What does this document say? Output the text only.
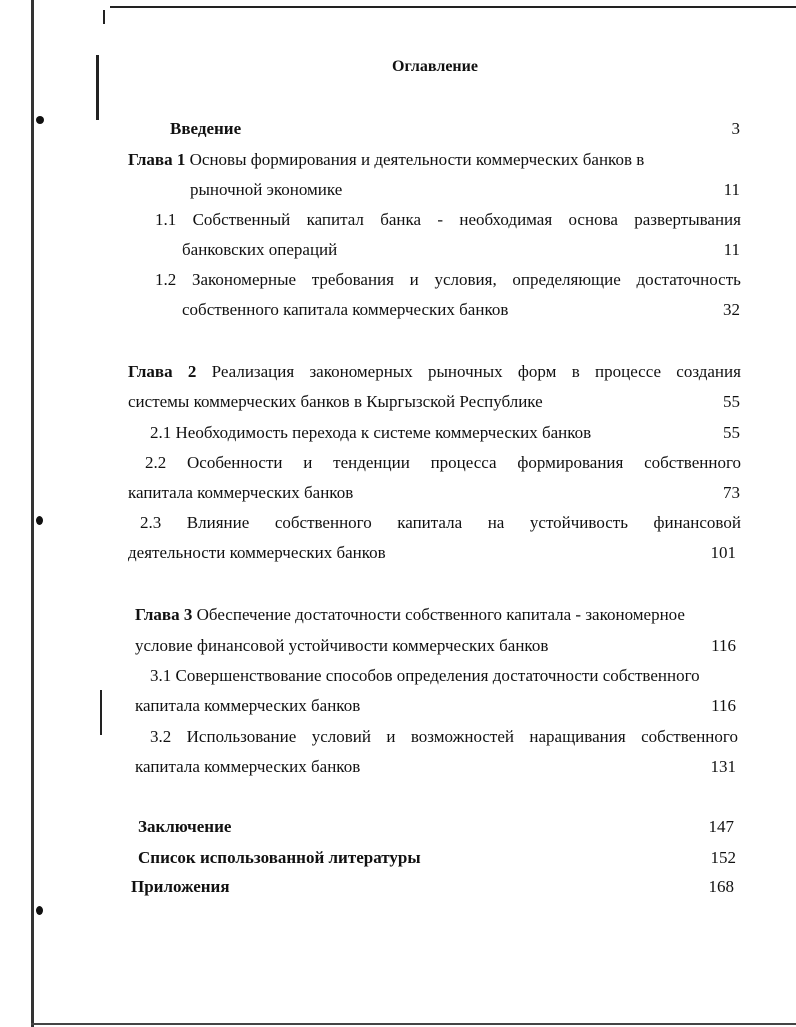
Оглавление
Введение	3
Глава 1 Основы формирования и деятельности коммерческих банков в
рыночной экономике	11
1.1 Собственный капитал банка - необходимая основа развертывания
банковских операций	11
1.2 Закономерные требования и условия, определяющие достаточность
собственного капитала коммерческих банков	32
Глава 2 Реализация закономерных рыночных форм в процессе создания
системы коммерческих банков в Кыргызской Республике	55
2.1 Необходимость перехода к системе коммерческих банков	55
2.2 Особенности и тенденции процесса формирования собственного
капитала коммерческих банков	73
2.3 Влияние собственного капитала на устойчивость финансовой
деятельности коммерческих банков	101
Глава 3 Обеспечение достаточности собственного капитала - закономерное
условие финансовой устойчивости коммерческих банков	116
3.1 Совершенствование способов определения достаточности собственного
капитала коммерческих банков	116
3.2 Использование условий и возможностей наращивания собственного
капитала коммерческих банков	131
Заключение	147
Список использованной литературы	152
Приложения	168
